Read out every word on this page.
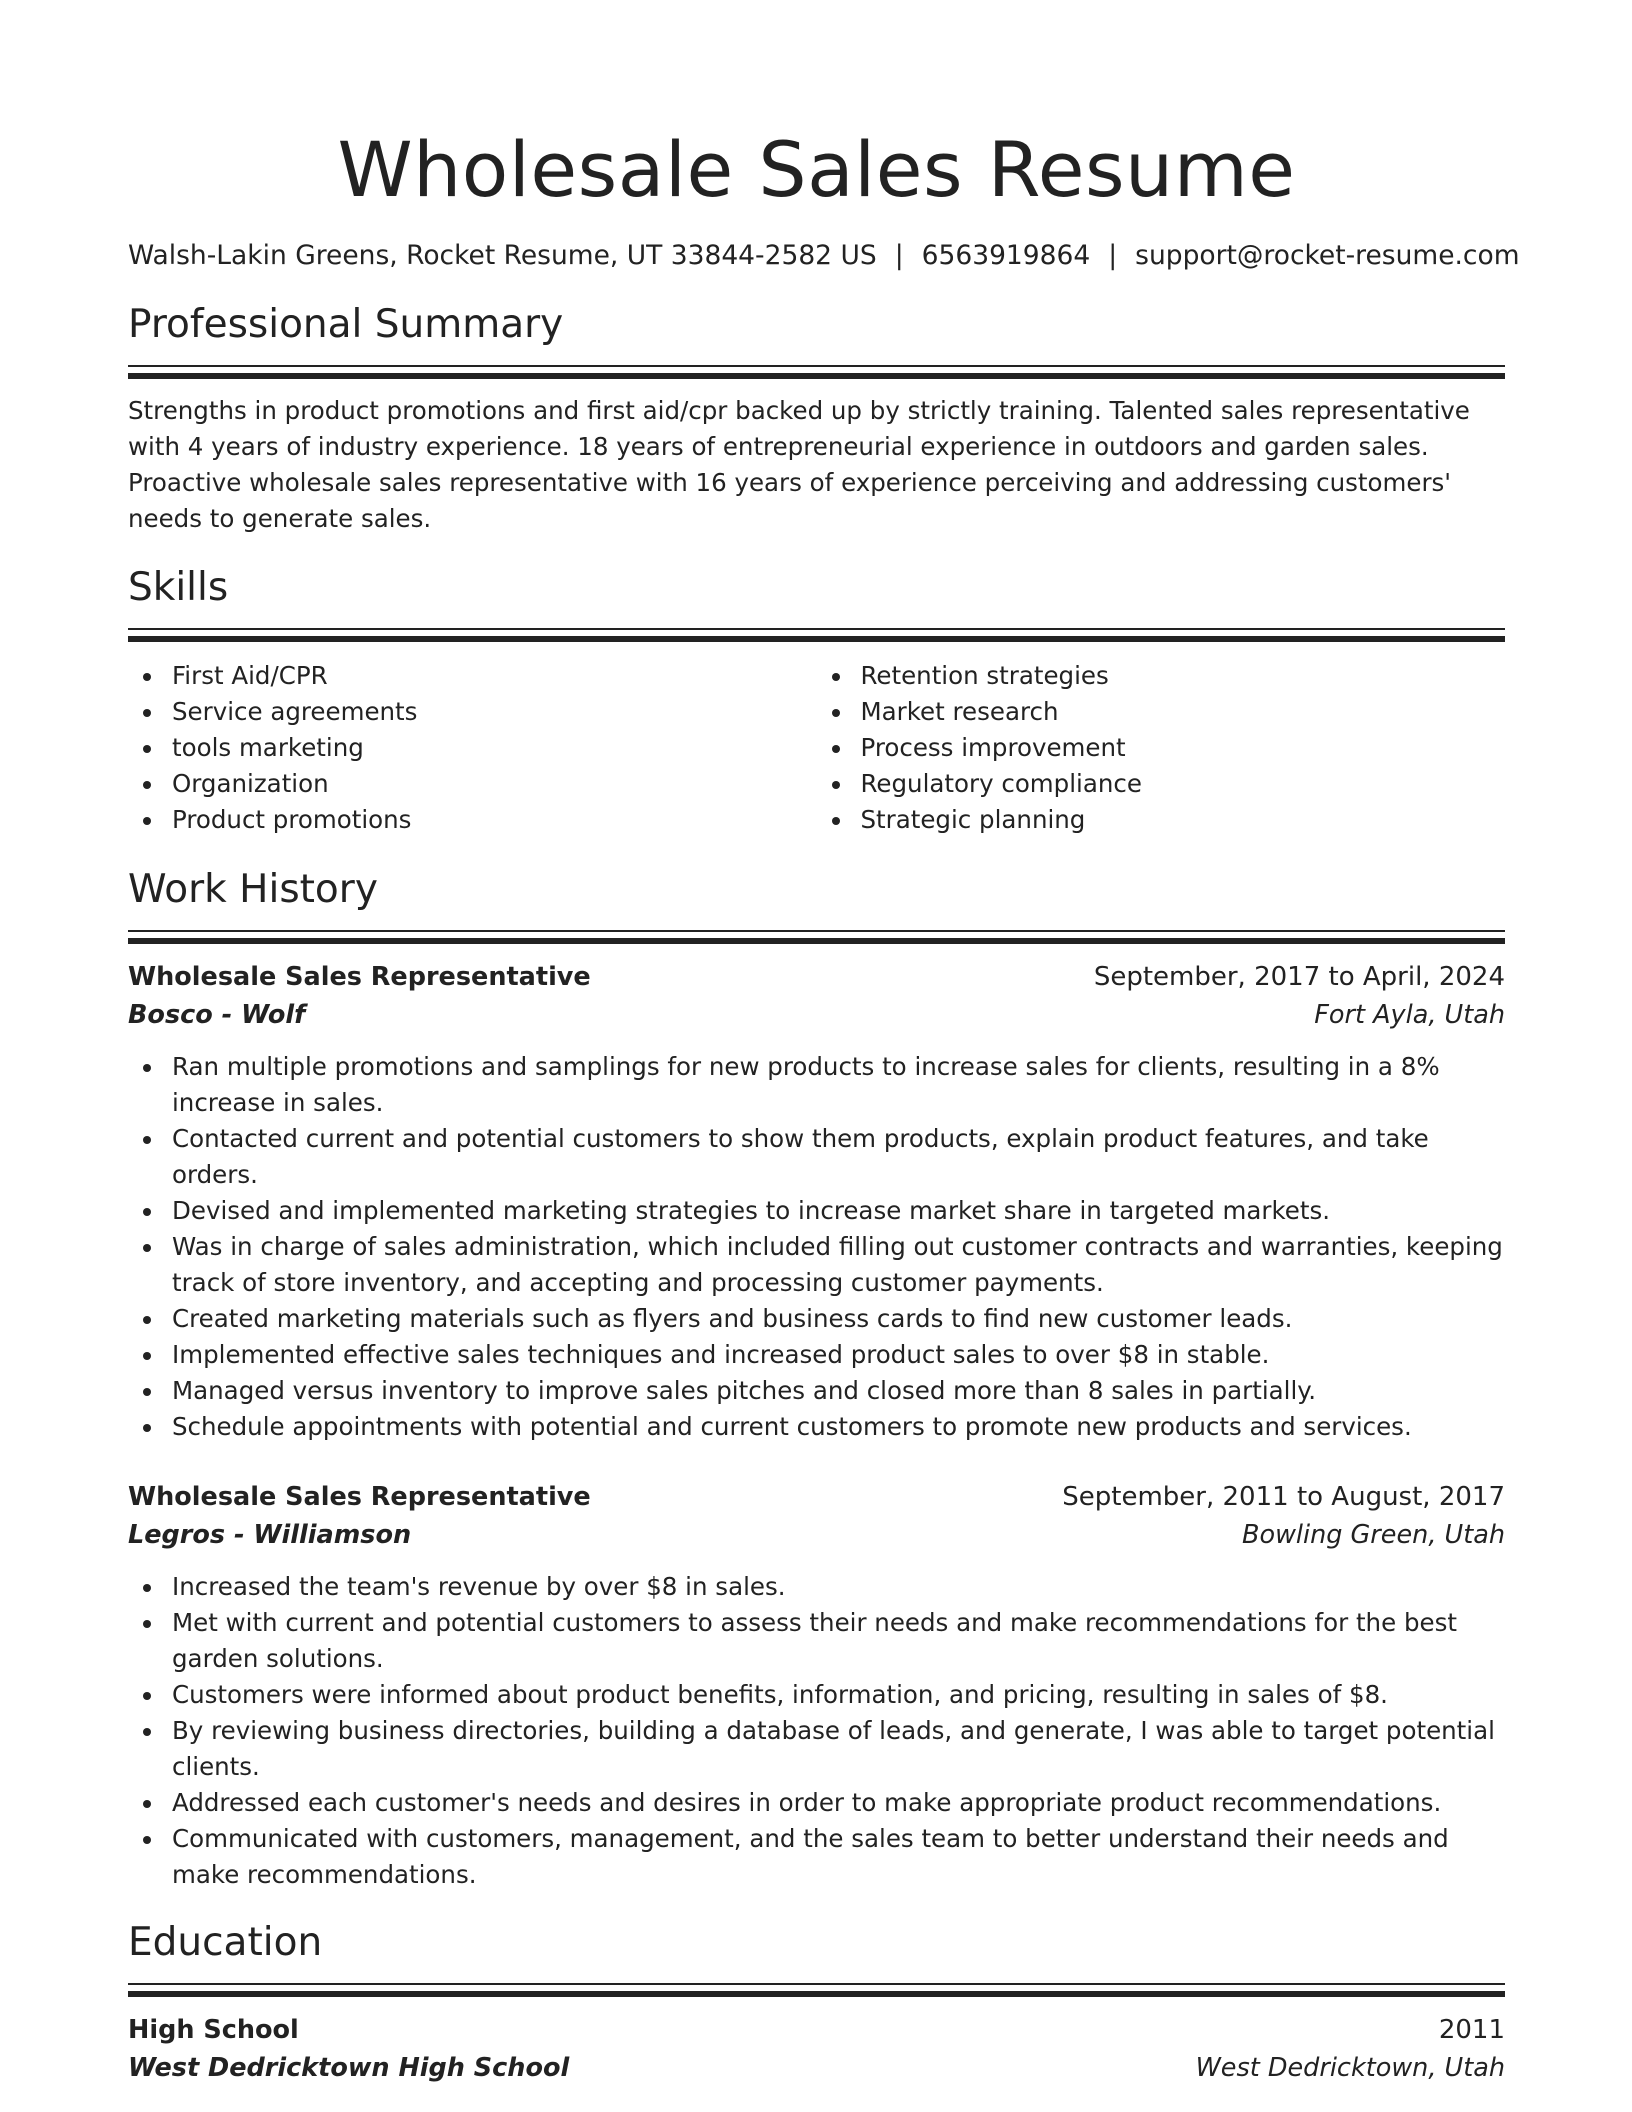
Wholesale Sales Resume
Walsh-Lakin Greens, Rocket Resume, UT 33844-2582 US | 6563919864 | support@rocket-resume.com
Professional Summary
Strengths in product promotions and first aid/cpr backed up by strictly training. Talented sales representative with 4 years of industry experience. 18 years of entrepreneurial experience in outdoors and garden sales. Proactive wholesale sales representative with 16 years of experience perceiving and addressing customers' needs to generate sales.
Skills
First Aid/CPR
Service agreements
tools marketing
Organization
Product promotions
Retention strategies
Market research
Process improvement
Regulatory compliance
Strategic planning
Work History
Wholesale Sales Representative	September, 2017 to April, 2024
Bosco - Wolf	Fort Ayla, Utah
Ran multiple promotions and samplings for new products to increase sales for clients, resulting in a 8% increase in sales.
Contacted current and potential customers to show them products, explain product features, and take orders.
Devised and implemented marketing strategies to increase market share in targeted markets.
Was in charge of sales administration, which included filling out customer contracts and warranties, keeping track of store inventory, and accepting and processing customer payments.
Created marketing materials such as flyers and business cards to find new customer leads.
Implemented effective sales techniques and increased product sales to over $8 in stable.
Managed versus inventory to improve sales pitches and closed more than 8 sales in partially.
Schedule appointments with potential and current customers to promote new products and services.
Wholesale Sales Representative	September, 2011 to August, 2017
Legros - Williamson	Bowling Green, Utah
Increased the team's revenue by over $8 in sales.
Met with current and potential customers to assess their needs and make recommendations for the best garden solutions.
Customers were informed about product benefits, information, and pricing, resulting in sales of $8.
By reviewing business directories, building a database of leads, and generate, I was able to target potential clients.
Addressed each customer's needs and desires in order to make appropriate product recommendations.
Communicated with customers, management, and the sales team to better understand their needs and make recommendations.
Education
High School	2011
West Dedricktown High School	West Dedricktown, Utah
